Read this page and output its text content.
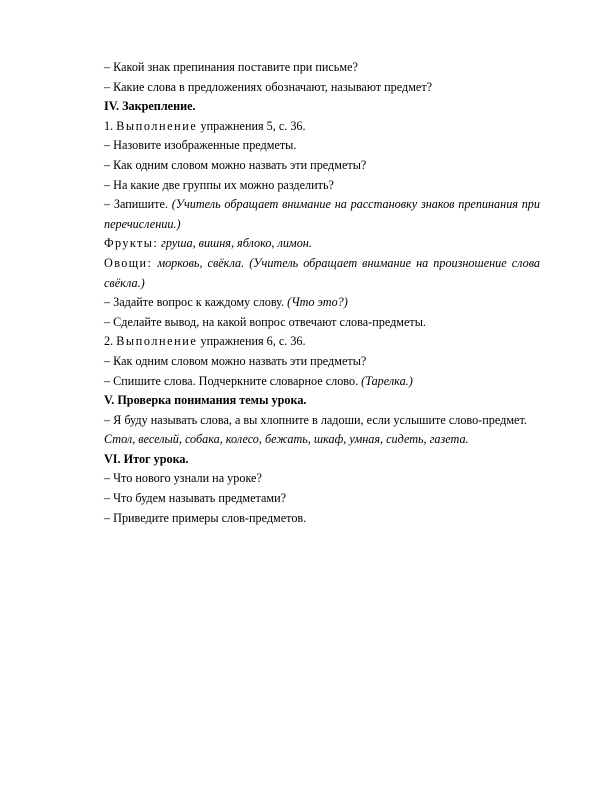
– Какой знак препинания поставите при письме?

– Какие слова в предложениях обозначают, называют предмет?

IV. Закрепление.

1. Выполнение упражнения 5, с. 36.

– Назовите изображенные предметы.

– Как одним словом можно назвать эти предметы?

– На какие две группы их можно разделить?

– Запишите. (Учитель обращает внимание на расстановку знаков препинания при перечислении.)

Фрукты: груша, вишня, яблоко, лимон.

Овощи: морковь, свёкла. (Учитель обращает внимание на произношение слова свёкла.)

– Задайте вопрос к каждому слову. (Что это?)

– Сделайте вывод, на какой вопрос отвечают слова-предметы.

2. Выполнение упражнения 6, с. 36.

– Как одним словом можно назвать эти предметы?

– Спишите слова. Подчеркните словарное слово. (Тарелка.)

V. Проверка понимания темы урока.

– Я буду называть слова, а вы хлопните в ладоши, если услышите слово-предмет.

Стол, веселый, собака, колесо, бежать, шкаф, умная, сидеть, газета.

VI. Итог урока.

– Что нового узнали на уроке?

– Что будем называть предметами?

– Приведите примеры слов-предметов.
